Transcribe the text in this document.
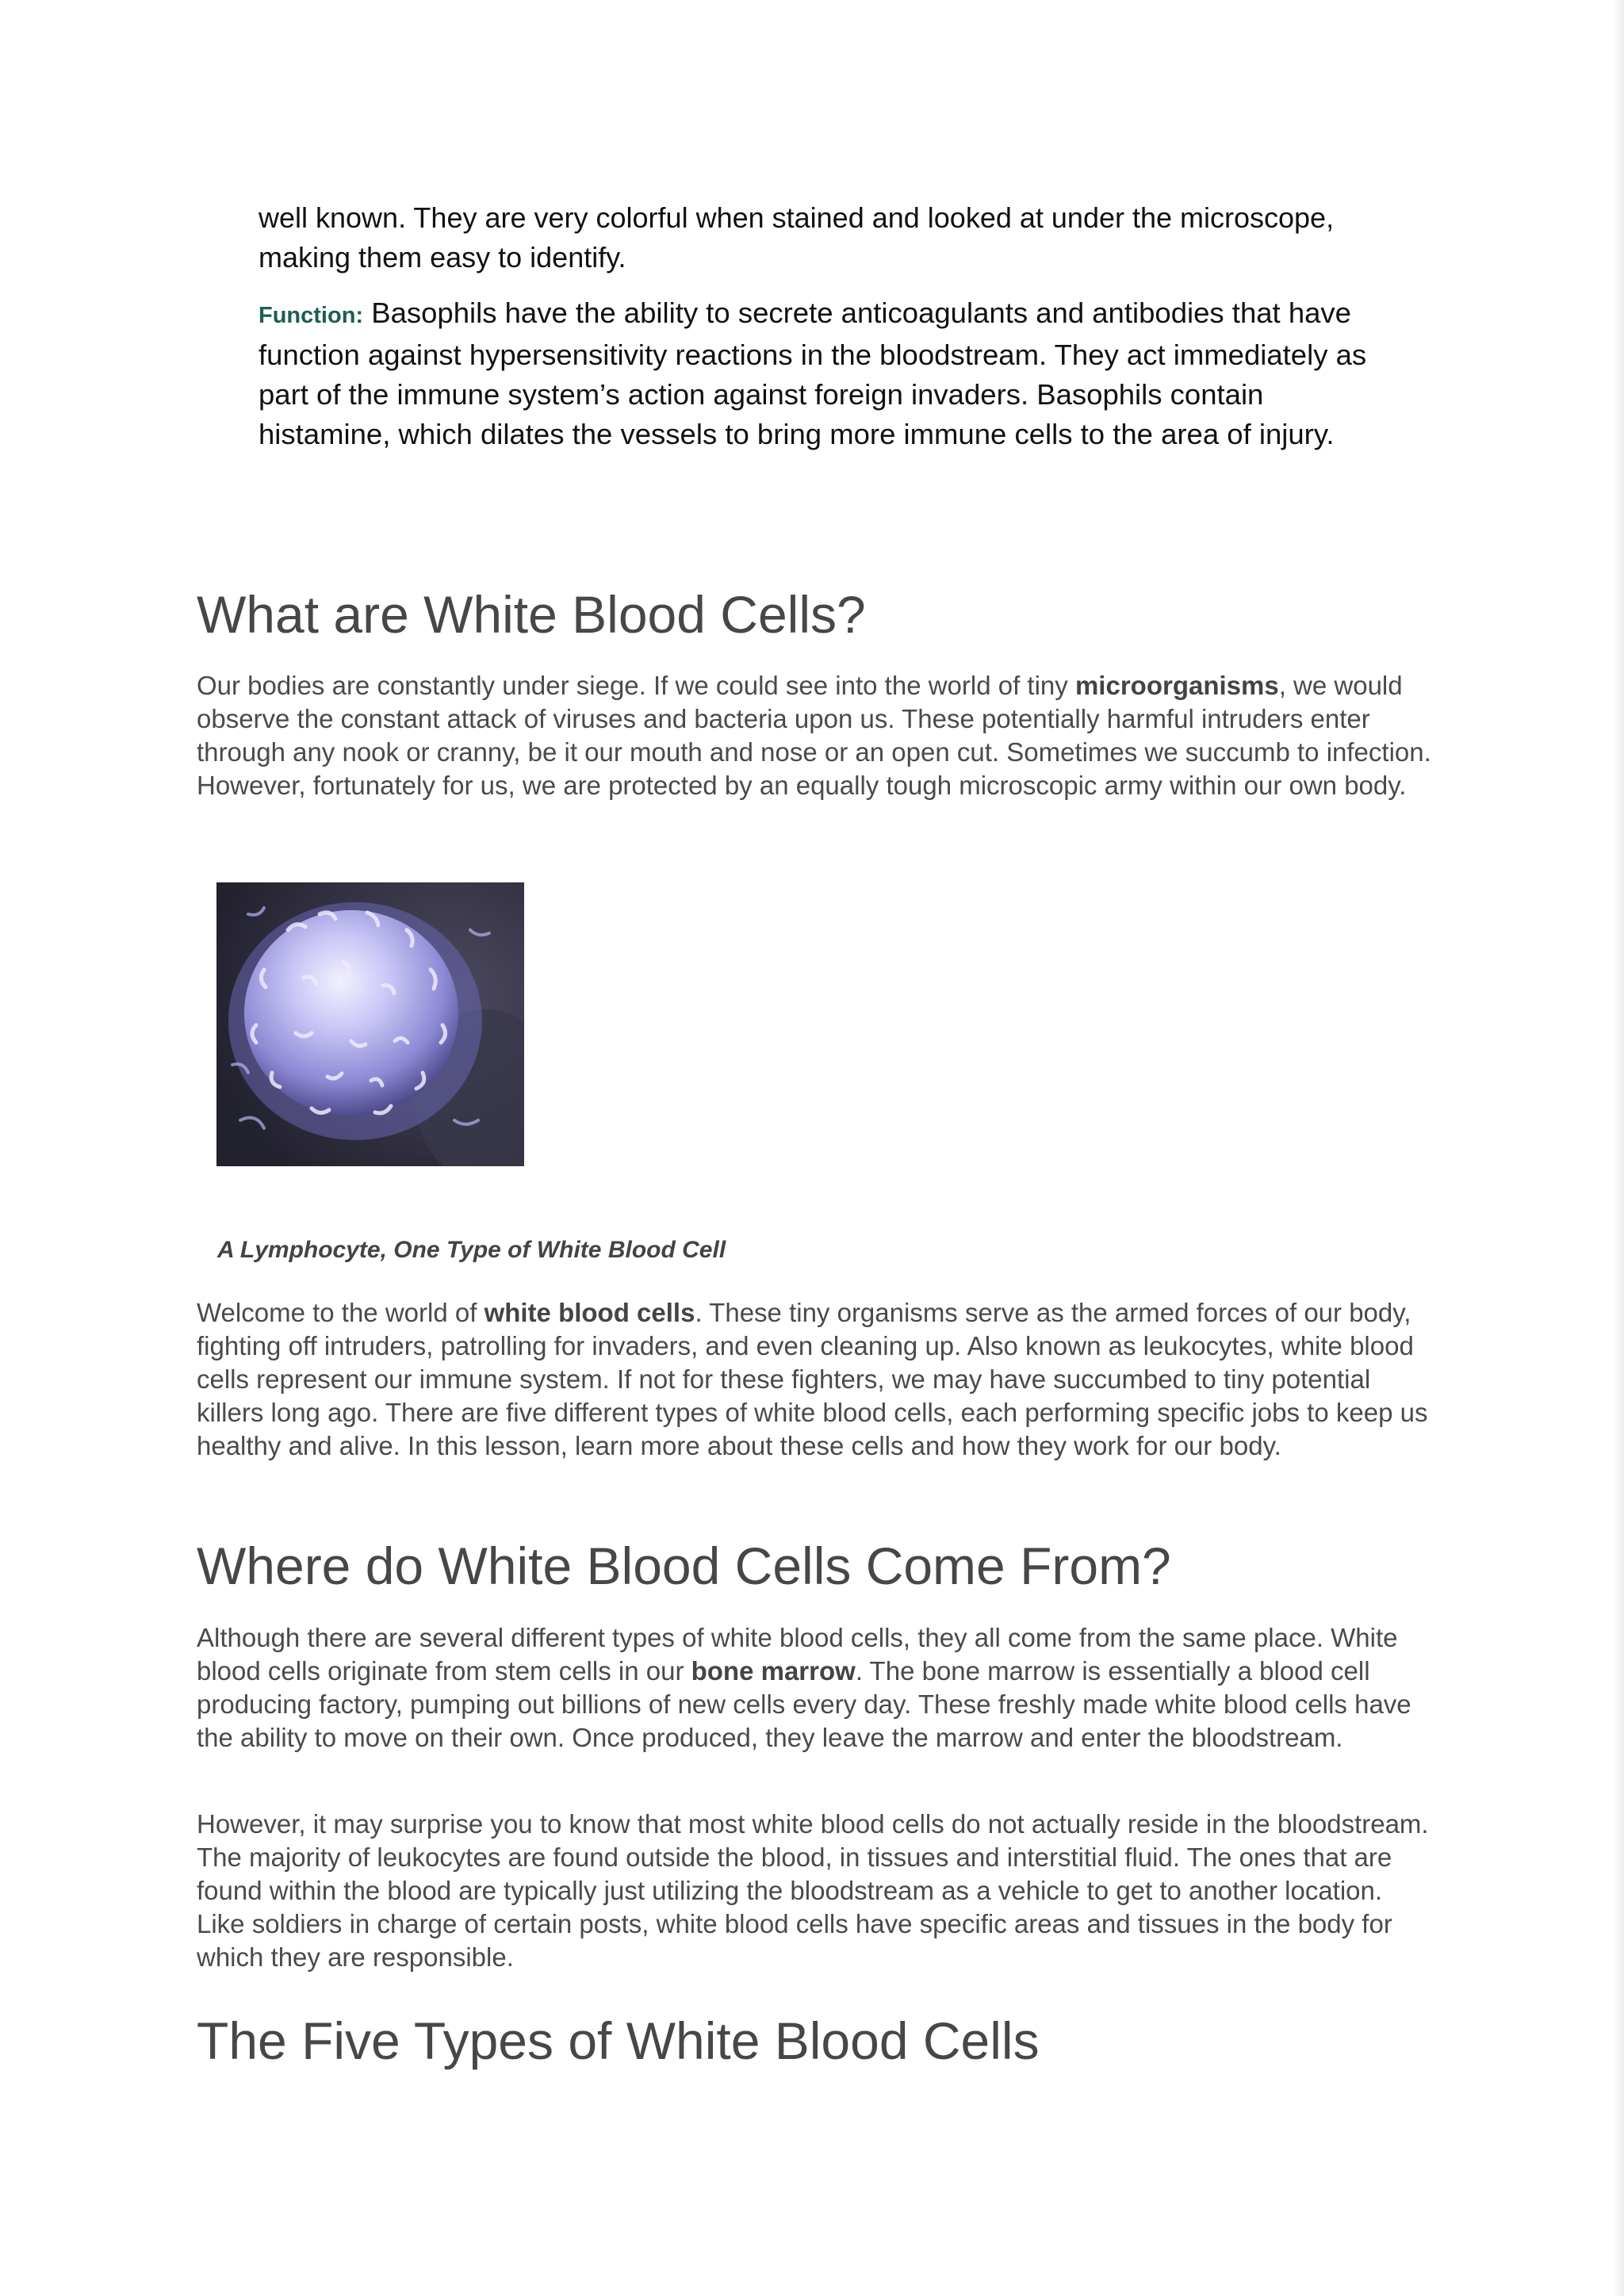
well known. They are very colorful when stained and looked at under the microscope, making them easy to identify.
Function: Basophils have the ability to secrete anticoagulants and antibodies that have function against hypersensitivity reactions in the bloodstream. They act immediately as part of the immune system’s action against foreign invaders. Basophils contain histamine, which dilates the vessels to bring more immune cells to the area of injury.
What are White Blood Cells?

Our bodies are constantly under siege. If we could see into the world of tiny microorganisms, we would observe the constant attack of viruses and bacteria upon us. These potentially harmful intruders enter through any nook or cranny, be it our mouth and nose or an open cut. Sometimes we succumb to infection. However, fortunately for us, we are protected by an equally tough microscopic army within our own body.

A Lymphocyte, One Type of White Blood Cell

Welcome to the world of white blood cells. These tiny organisms serve as the armed forces of our body, fighting off intruders, patrolling for invaders, and even cleaning up. Also known as leukocytes, white blood cells represent our immune system. If not for these fighters, we may have succumbed to tiny potential killers long ago. There are five different types of white blood cells, each performing specific jobs to keep us healthy and alive. In this lesson, learn more about these cells and how they work for our body.

Where do White Blood Cells Come From?

Although there are several different types of white blood cells, they all come from the same place. White blood cells originate from stem cells in our bone marrow. The bone marrow is essentially a blood cell producing factory, pumping out billions of new cells every day. These freshly made white blood cells have the ability to move on their own. Once produced, they leave the marrow and enter the bloodstream.

However, it may surprise you to know that most white blood cells do not actually reside in the bloodstream. The majority of leukocytes are found outside the blood, in tissues and interstitial fluid. The ones that are found within the blood are typically just utilizing the bloodstream as a vehicle to get to another location. Like soldiers in charge of certain posts, white blood cells have specific areas and tissues in the body for which they are responsible.

The Five Types of White Blood Cells
